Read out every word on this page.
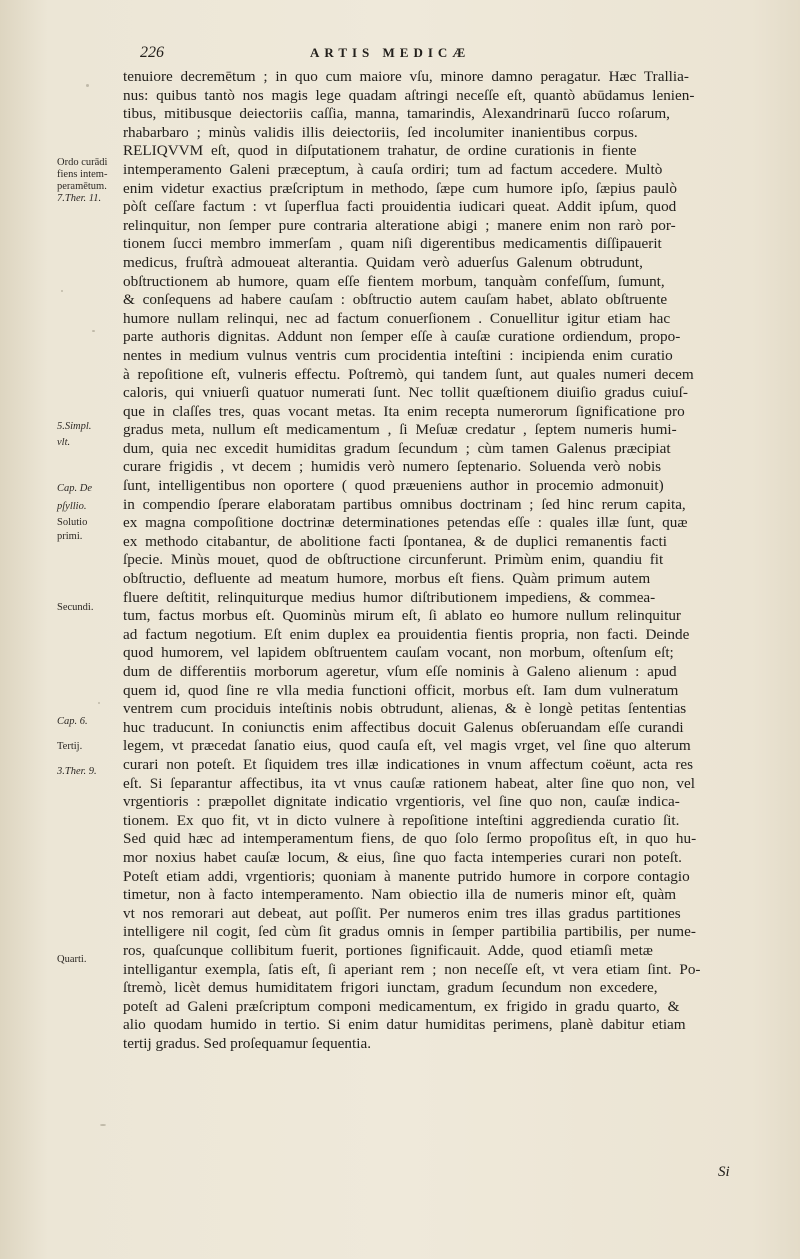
226	ARTIS MEDICÆ
Ordo curādi
fiens intem-
peramētum.
7.Ther. 11.
5.Simpl.
vlt.
Cap. De
pſyllio.
Solutio
primi.
Secundi.
Cap. 6.
Tertij.
3.Ther. 9.
Quarti.
tenuiore decremētum ; in quo cum maiore vſu, minore damno peragatur. Hæc Trallia-
nus: quibus tantò nos magis lege quadam aſtringi neceſſe eſt, quantò abūdamus lenien-
tibus, mitibusque deiectoriis caſſia, manna, tamarindis, Alexandrinarū ſucco roſarum,
rhabarbaro ; minùs validis illis deiectoriis, ſed incolumiter inanientibus corpus.
RELIQVVM eſt, quod in diſputationem trahatur, de ordine curationis in fiente
intemperamento Galeni præceptum, à cauſa ordiri; tum ad factum accedere. Multò
enim videtur exactius præſcriptum in methodo, ſæpe cum humore ipſo, ſæpius paulò
pòſt ceſſare factum : vt ſuperflua facti prouidentia iudicari queat. Addit ipſum, quod
relinquitur, non ſemper pure contraria alteratione abigi ; manere enim non rarò por-
tionem ſucci membro immerſam , quam niſi digerentibus medicamentis diſſipauerit
medicus, fruſtrà admoueat alterantia. Quidam verò aduerſus Galenum obtrudunt,
obſtructionem ab humore, quam eſſe fientem morbum, tanquàm confeſſum, ſumunt,
& conſequens ad habere cauſam : obſtructio autem cauſam habet, ablato obſtruente
humore nullam relinqui, nec ad factum conuerſionem . Conuellitur igitur etiam hac
parte authoris dignitas. Addunt non ſemper eſſe à cauſæ curatione ordiendum, propo-
nentes in medium vulnus ventris cum procidentia inteſtini : incipienda enim curatio
à repoſitione eſt, vulneris effectu. Poſtremò, qui tandem ſunt, aut quales numeri decem
caloris, qui vniuerſi quatuor numerati ſunt. Nec tollit quæſtionem diuiſio gradus cuiuſ-
que in claſſes tres, quas vocant metas. Ita enim recepta numerorum ſignificatione pro
gradus meta, nullum eſt medicamentum , ſi Meſuæ credatur , ſeptem numeris humi-
dum, quia nec excedit humiditas gradum ſecundum ; cùm tamen Galenus præcipiat
curare frigidis , vt decem ; humidis verò numero ſeptenario. Soluenda verò nobis
ſunt, intelligentibus non oportere ( quod præueniens author in procemio admonuit)
in compendio ſperare elaboratam partibus omnibus doctrinam ; ſed hinc rerum capita,
ex magna compoſitione doctrinæ determinationes petendas eſſe : quales illæ ſunt, quæ
ex methodo citabantur, de abolitione facti ſpontanea, & de duplici remanentis facti
ſpecie. Minùs mouet, quod de obſtructione circunferunt. Primùm enim, quandiu fit
obſtructio, defluente ad meatum humore, morbus eſt fiens. Quàm primum autem
fluere deſtitit, relinquiturque medius humor diſtributionem impediens, & commea-
tum, factus morbus eſt. Quominùs mirum eſt, ſi ablato eo humore nullum relinquitur
ad factum negotium. Eſt enim duplex ea prouidentia fientis propria, non facti. Deinde
quod humorem, vel lapidem obſtruentem cauſam vocant, non morbum, oſtenſum eſt;
dum de differentiis morborum ageretur, vſum eſſe nominis à Galeno alienum : apud
quem id, quod ſine re vlla media functioni officit, morbus eſt. Iam dum vulneratum
ventrem cum prociduis inteſtinis nobis obtrudunt, alienas, & è longè petitas ſententias
huc traducunt. In coniunctis enim affectibus docuit Galenus obſeruandam eſſe curandi
legem, vt præcedat ſanatio eius, quod cauſa eſt, vel magis vrget, vel ſine quo alterum
curari non poteſt. Et ſiquidem tres illæ indicationes in vnum affectum coëunt, acta res
eſt. Si ſeparantur affectibus, ita vt vnus cauſæ rationem habeat, alter ſine quo non, vel
vrgentioris : præpollet dignitate indicatio vrgentioris, vel ſine quo non, cauſæ indica-
tionem. Ex quo fit, vt in dicto vulnere à repoſitione inteſtini aggredienda curatio ſit.
Sed quid hæc ad intemperamentum fiens, de quo ſolo ſermo propoſitus eſt, in quo hu-
mor noxius habet cauſæ locum, & eius, ſine quo facta intemperies curari non poteſt.
Poteſt etiam addi, vrgentioris; quoniam à manente putrido humore in corpore contagio
timetur, non à facto intemperamento. Nam obiectio illa de numeris minor eſt, quàm
vt nos remorari aut debeat, aut poſſit. Per numeros enim tres illas gradus partitiones
intelligere nil cogit, ſed cùm ſit gradus omnis in ſemper partibilia partibilis, per nume-
ros, quaſcunque collibitum fuerit, portiones ſignificauit. Adde, quod etiamſi metæ
intelligantur exempla, ſatis eſt, ſi aperiant rem ; non neceſſe eſt, vt vera etiam ſint. Po-
ſtremò, licèt demus humiditatem frigori iunctam, gradum ſecundum non excedere,
poteſt ad Galeni præſcriptum componi medicamentum, ex frigido in gradu quarto, &
alio quodam humido in tertio. Si enim datur humiditas perimens, planè dabitur etiam
tertij gradus. Sed proſequamur ſequentia.
Si
